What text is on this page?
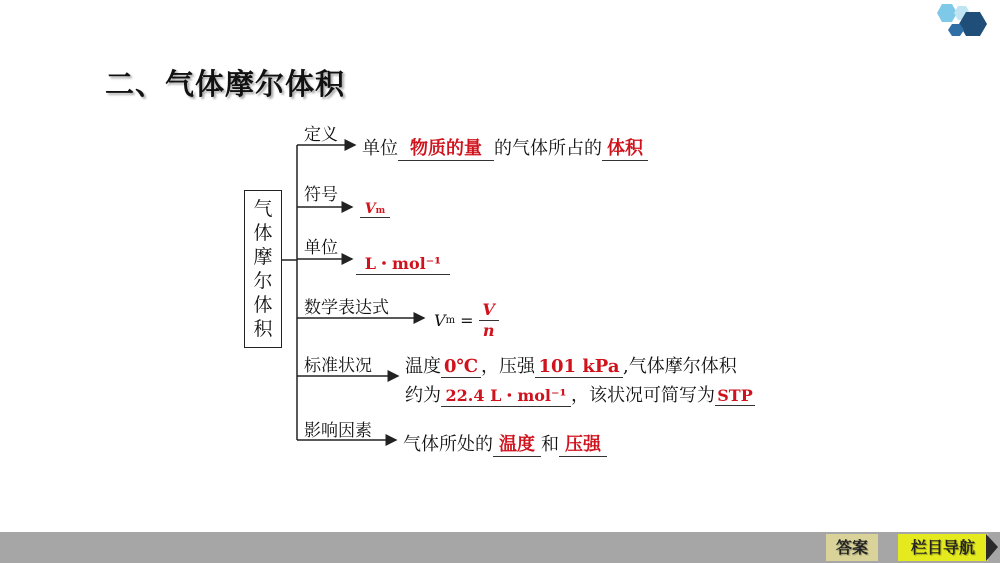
二、气体摩尔体积
气体摩尔体积
定义
单位 物质的量 的气体所占的 体积
符号
Vm
单位
L・mol⁻¹
数学表达式
$Vm = \frac{V}{n}$
标准状况 温度 0℃ ，压强 101 kPa ,气体摩尔体积
约为 22.4 L・mol⁻¹ ，该状况可简写为 STP
影响因素
气体所处的 温度 和 压强
答案	栏目导航
